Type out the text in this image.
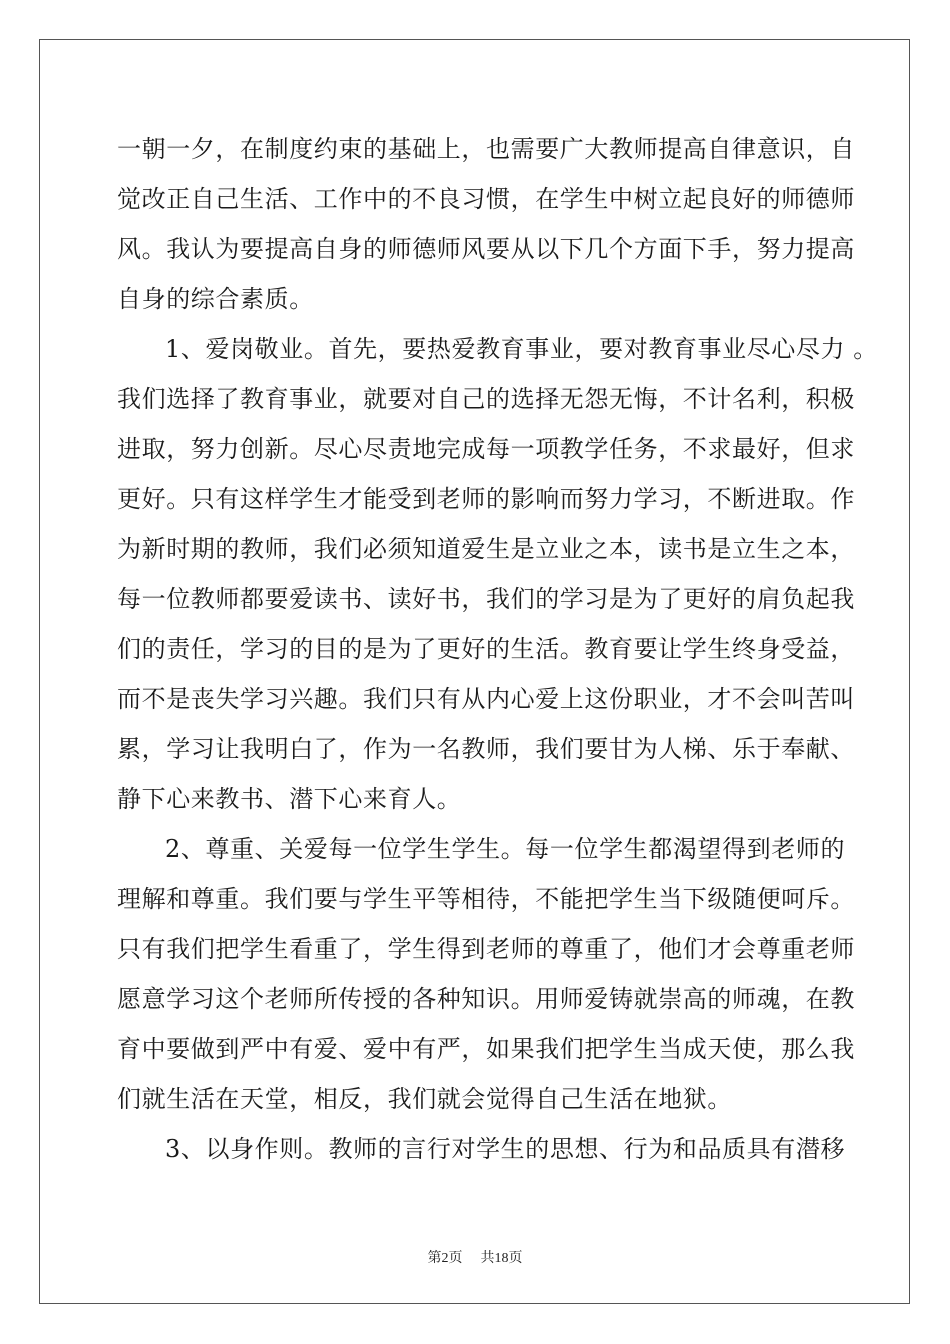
一朝一夕，在制度约束的基础上，也需要广大教师提高自律意识，自
觉改正自己生活、工作中的不良习惯，在学生中树立起良好的师德师
风。我认为要提高自身的师德师风要从以下几个方面下手，努力提高
自身的综合素质。
1、爱岗敬业。首先，要热爱教育事业，要对教育事业尽心尽力 。
我们选择了教育事业，就要对自己的选择无怨无悔，不计名利，积极
进取，努力创新。尽心尽责地完成每一项教学任务，不求最好，但求
更好。只有这样学生才能受到老师的影响而努力学习，不断进取。作
为新时期的教师，我们必须知道爱生是立业之本，读书是立生之本，
每一位教师都要爱读书、读好书，我们的学习是为了更好的肩负起我
们的责任，学习的目的是为了更好的生活。教育要让学生终身受益，
而不是丧失学习兴趣。我们只有从内心爱上这份职业，才不会叫苦叫
累，学习让我明白了，作为一名教师，我们要甘为人梯、乐于奉献、
静下心来教书、潜下心来育人。
2、尊重、关爱每一位学生学生。每一位学生都渴望得到老师的
理解和尊重。我们要与学生平等相待，不能把学生当下级随便呵斥。
只有我们把学生看重了，学生得到老师的尊重了，他们才会尊重老师
愿意学习这个老师所传授的各种知识。用师爱铸就崇高的师魂，在教
育中要做到严中有爱、爱中有严，如果我们把学生当成天使，那么我
们就生活在天堂，相反，我们就会觉得自己生活在地狱。
3、以身作则。教师的言行对学生的思想、行为和品质具有潜移
第2页 共18页
